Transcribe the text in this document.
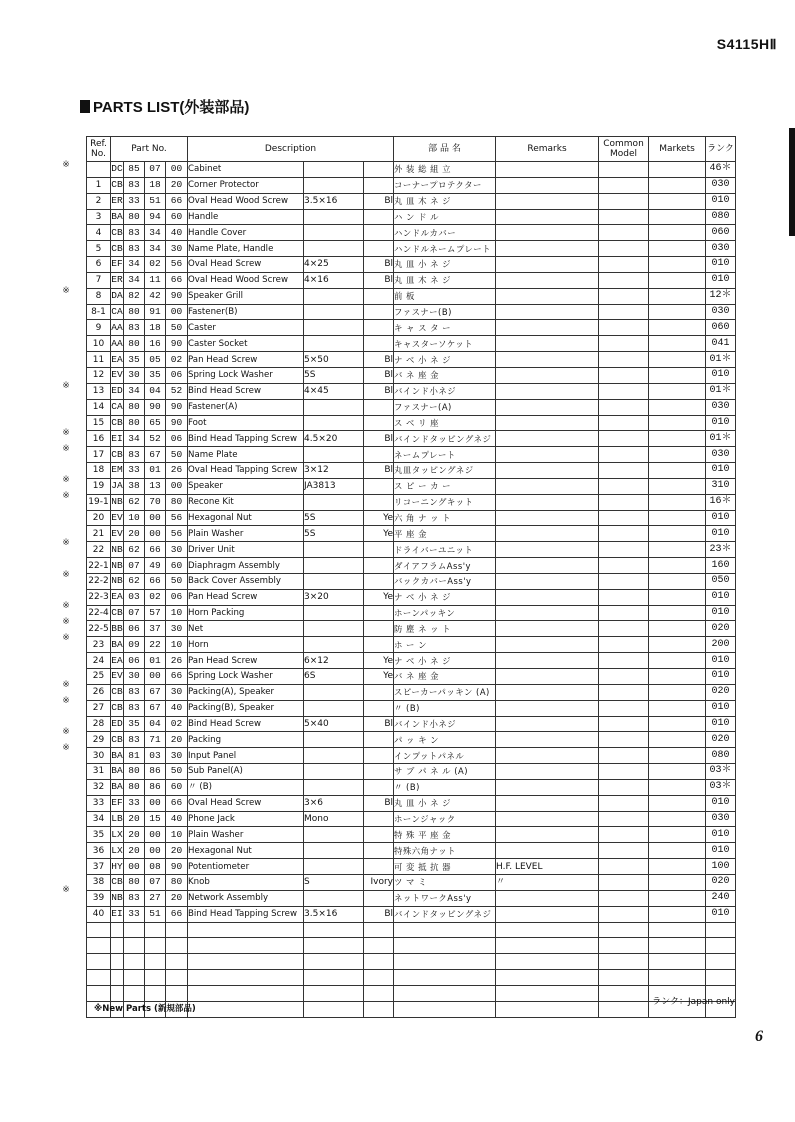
S4115HⅡ
PARTS LIST(外装部品)
Ref. No.	Part No.				Description			部 品 名	Remarks	Common Model	Markets	ランク
	DC	85	07	00	Cabinet			外 装 総 組 立				46＊
1	CB	83	18	20	Corner Protector			コーナープロテクター				030
2	ER	33	51	66	Oval Head Wood Screw	3.5×16	Bl	丸 皿 木 ネ ジ				010
3	BA	80	94	60	Handle			ハ ン ド ル				080
4	CB	83	34	40	Handle Cover			ハンドルカバー				060
5	CB	83	34	30	Name Plate, Handle			ハンドルネームプレート				030
6	EF	34	02	56	Oval Head Screw	4×25	Bl	丸 皿 小 ネ ジ				010
7	ER	34	11	66	Oval Head Wood Screw	4×16	Bl	丸 皿 木 ネ ジ				010
8	DA	82	42	90	Speaker Grill			前 板				12＊
8-1	CA	80	91	00	Fastener(B)			ファスナー(B)				030
9	AA	83	18	50	Caster			キ ャ ス タ ー				060
10	AA	80	16	90	Caster Socket			キャスターソケット				041
11	EA	35	05	02	Pan Head Screw	5×50	Bl	ナ ベ 小 ネ ジ				01＊
12	EV	30	35	06	Spring Lock Washer	5S	Bl	バ ネ 座 金				010
13	ED	34	04	52	Bind Head Screw	4×45	Bl	バインド小ネジ				01＊
14	CA	80	90	90	Fastener(A)			ファスナー(A)				030
15	CB	80	65	90	Foot			ス ベ リ 座				010
16	EI	34	52	06	Bind Head Tapping Screw	4.5×20	Bl	バインドタッピングネジ				01＊
17	CB	83	67	50	Name Plate			ネームプレート				030
18	EM	33	01	26	Oval Head Tapping Screw	3×12	Bl	丸皿タッピングネジ				010
19	JA	38	13	00	Speaker	JA3813		ス ピ ー カ ー				310
19-1	NB	62	70	80	Recone Kit			リコーニングキット				16＊
20	EV	10	00	56	Hexagonal Nut	5S	Ye	六 角 ナ ッ ト				010
21	EV	20	00	56	Plain Washer	5S	Ye	平 座 金				010
22	NB	62	66	30	Driver Unit			ドライバーユニット				23＊
22-1	NB	07	49	60	Diaphragm Assembly			ダイアフラムAss'y				160
22-2	NB	62	66	50	Back Cover Assembly			バックカバーAss'y				050
22-3	EA	03	02	06	Pan Head Screw	3×20	Ye	ナ ベ 小 ネ ジ				010
22-4	CB	07	57	10	Horn Packing			ホーンパッキン				010
22-5	BB	06	37	30	Net			防 塵 ネ ッ ト				020
23	BA	09	22	10	Horn			ホ ー ン				200
24	EA	06	01	26	Pan Head Screw	6×12	Ye	ナ ベ 小 ネ ジ				010
25	EV	30	00	66	Spring Lock Washer	6S	Ye	バ ネ 座 金				010
26	CB	83	67	30	Packing(A), Speaker			スピーカーパッキン (A)				020
27	CB	83	67	40	Packing(B), Speaker			〃 (B)				010
28	ED	35	04	02	Bind Head Screw	5×40	Bl	バインド小ネジ				010
29	CB	83	71	20	Packing			パ ッ キ ン				020
30	BA	81	03	30	Input Panel			インプットパネル				080
31	BA	80	86	50	Sub Panel(A)			サ ブ パ ネ ル (A)				03＊
32	BA	80	86	60	〃 (B)			〃 (B)				03＊
33	EF	33	00	66	Oval Head Screw	3×6	Bl	丸 皿 小 ネ ジ				010
34	LB	20	15	40	Phone Jack	Mono		ホーンジャック				030
35	LX	20	00	10	Plain Washer			特 殊 平 座 金				010
36	LX	20	00	20	Hexagonal Nut			特殊六角ナット				010
37	HY	00	08	90	Potentiometer			可 変 抵 抗 器	H.F. LEVEL			100
38	CB	80	07	80	Knob	S	Ivory	ツ マ ミ	〃			020
39	NB	83	27	20	Network Assembly			ネットワークAss'y				240
40	EI	33	51	66	Bind Head Tapping Screw	3.5×16	Bl	バインドタッピングネジ				010

※
※
※
※
※
※
※
※
※
※
※
※
※
※
※
※
※
※New Parts (新規部品)
ランク：Japan only
6
